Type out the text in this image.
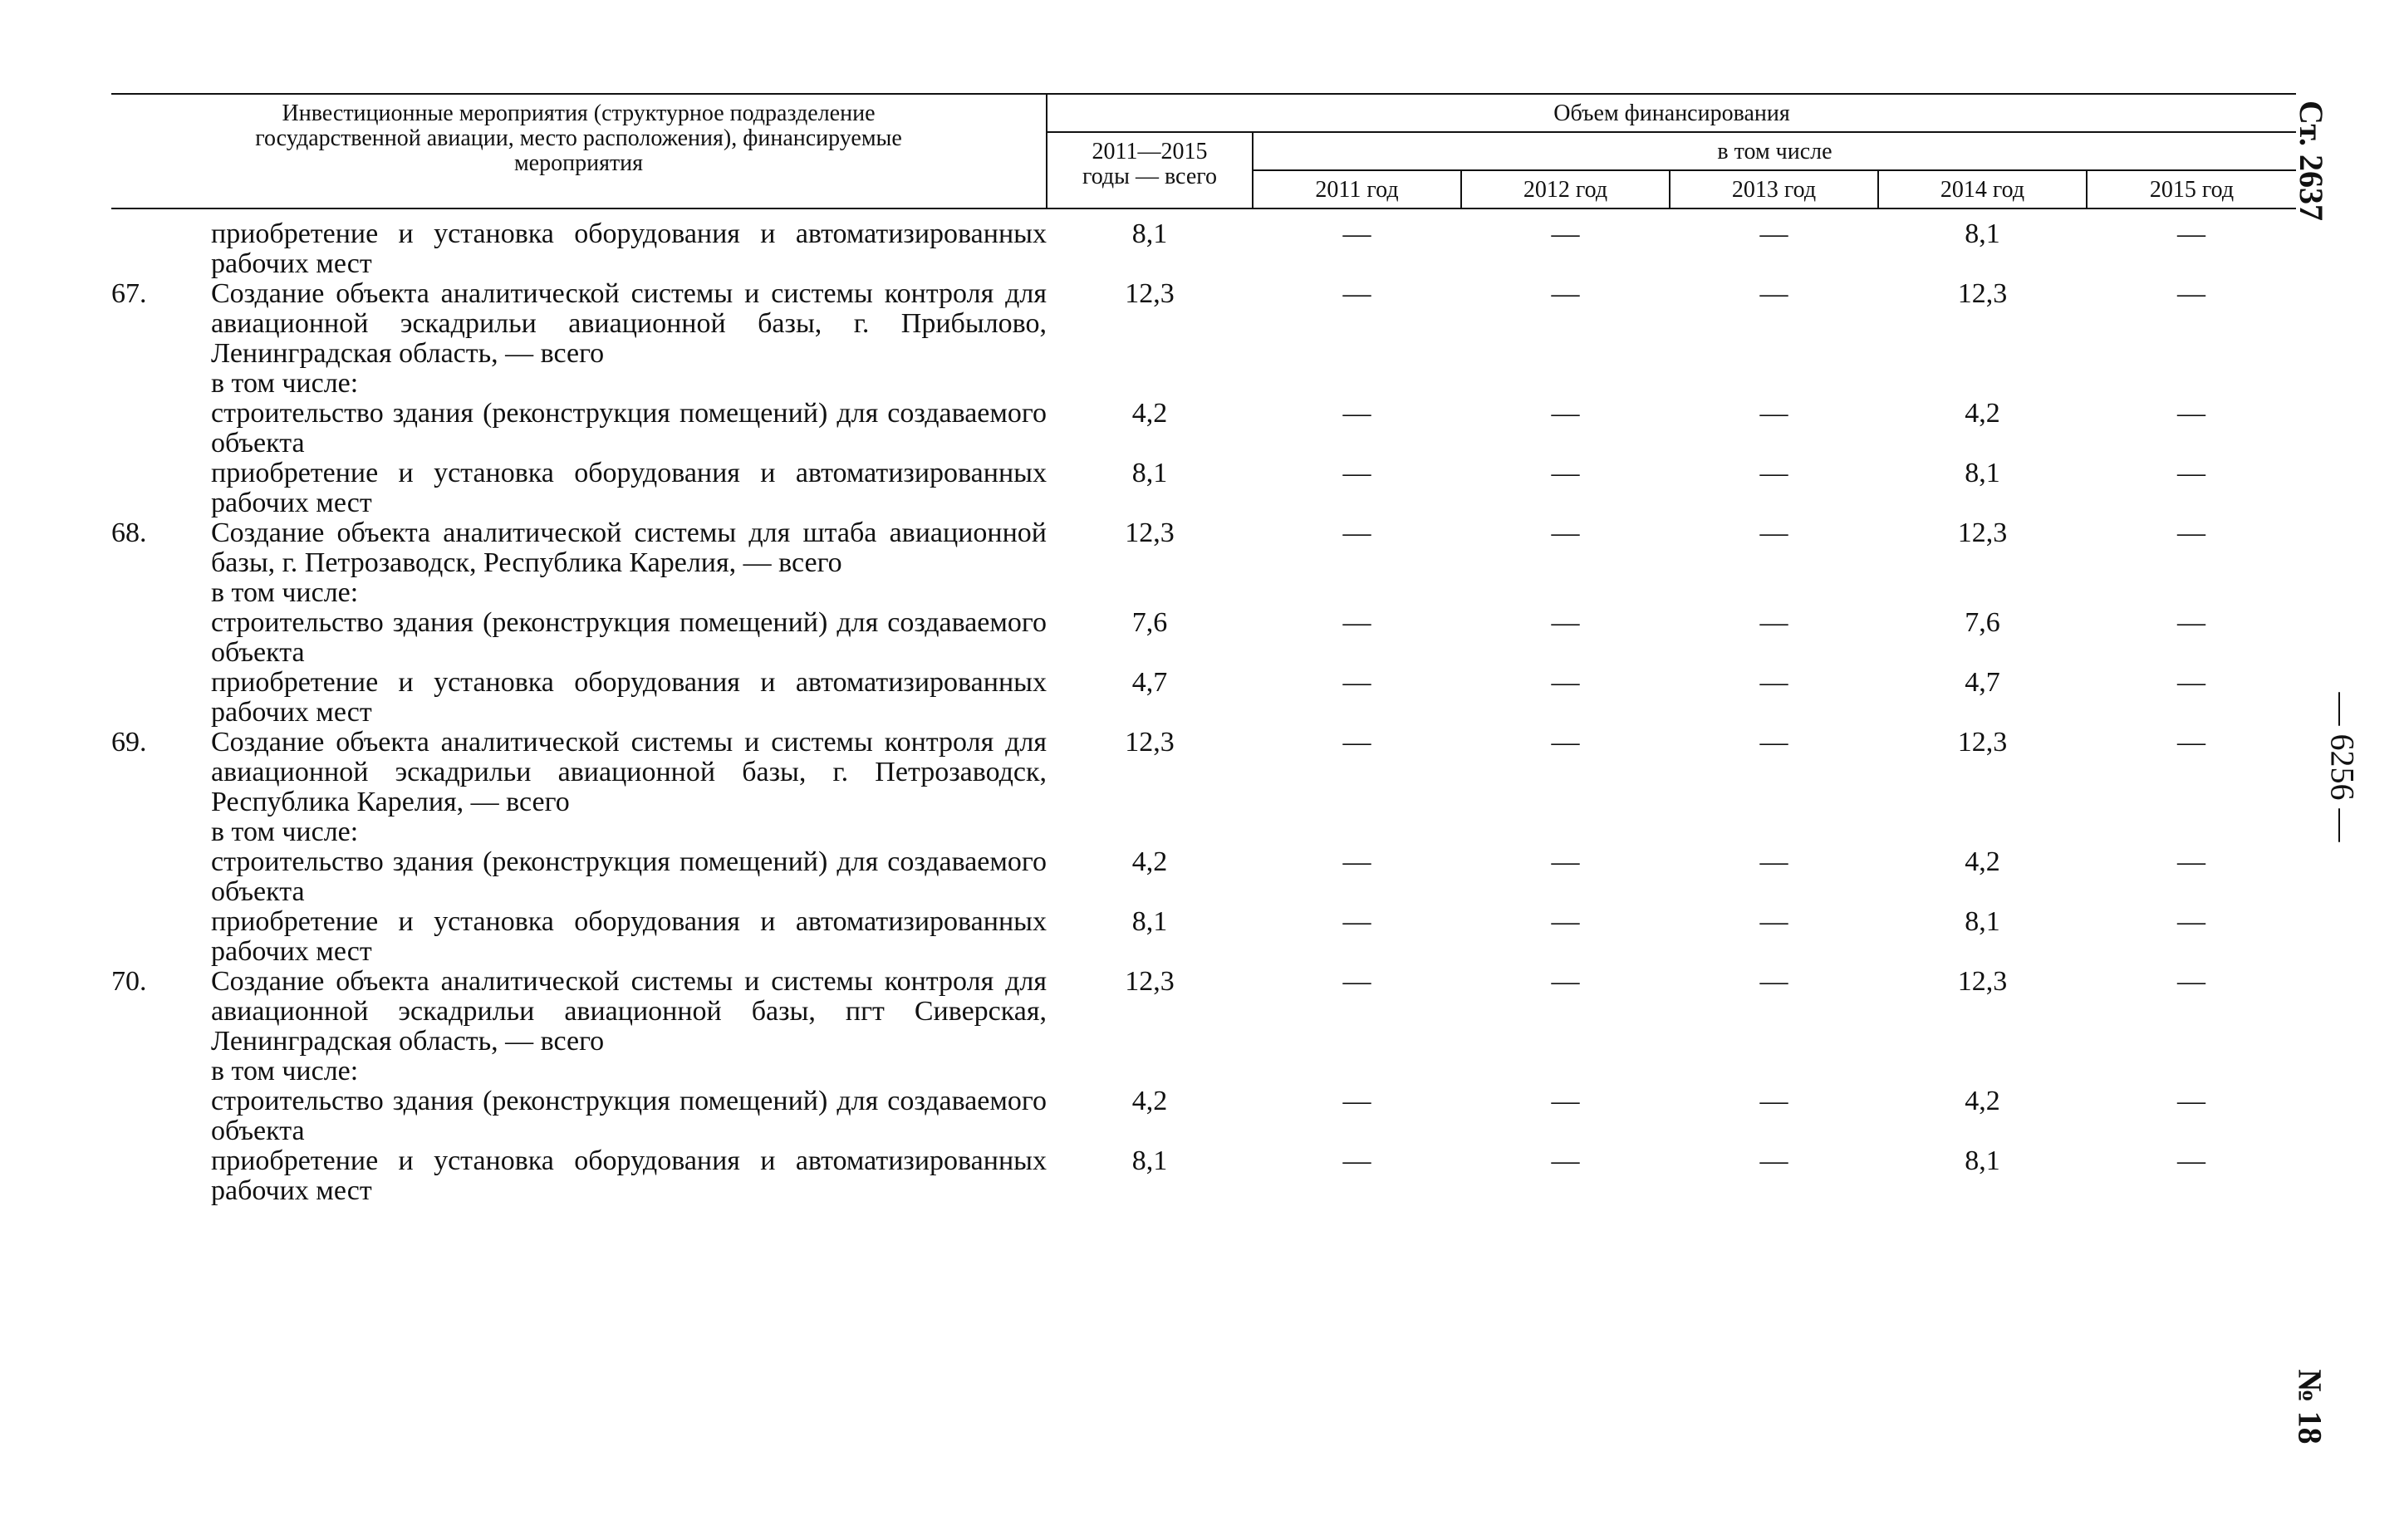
Инвестиционные мероприятия (структурное подразделение государственной авиации, место расположения), финансируемые мероприятия		Объем финансирования					
		2011—2015 годы — всего	в том числе				
			2011 год	2012 год	2013 год	2014 год	2015 год

	приобретение и установка оборудования и автоматизированных рабочих мест	8,1	—	—	—	8,1	—
67.	Создание объекта аналитической системы и системы контроля для авиационной эскадрильи авиационной базы, г. Прибылово, Ленинградская область, — всего	12,3	—	—	—	12,3	—
	в том числе:						
	строительство здания (реконструкция помещений) для создаваемого объекта	4,2	—	—	—	4,2	—
	приобретение и установка оборудования и автоматизированных рабочих мест	8,1	—	—	—	8,1	—
68.	Создание объекта аналитической системы для штаба авиационной базы, г. Петрозаводск, Республика Карелия, — всего	12,3	—	—	—	12,3	—
	в том числе:						
	строительство здания (реконструкция помещений) для создаваемого объекта	7,6	—	—	—	7,6	—
	приобретение и установка оборудования и автоматизированных рабочих мест	4,7	—	—	—	4,7	—
69.	Создание объекта аналитической системы и системы контроля для авиационной эскадрильи авиационной базы, г. Петрозаводск, Республика Карелия, — всего	12,3	—	—	—	12,3	—
	в том числе:						
	строительство здания (реконструкция помещений) для создаваемого объекта	4,2	—	—	—	4,2	—
	приобретение и установка оборудования и автоматизированных рабочих мест	8,1	—	—	—	8,1	—
70.	Создание объекта аналитической системы и системы контроля для авиационной эскадрильи авиационной базы, пгт Сиверская, Ленинградская область, — всего	12,3	—	—	—	12,3	—
	в том числе:						
	строительство здания (реконструкция помещений) для создаваемого объекта	4,2	—	—	—	4,2	—
	приобретение и установка оборудования и автоматизированных рабочих мест	8,1	—	—	—	8,1	—
Ст. 2637
— 6256 —
№ 18
